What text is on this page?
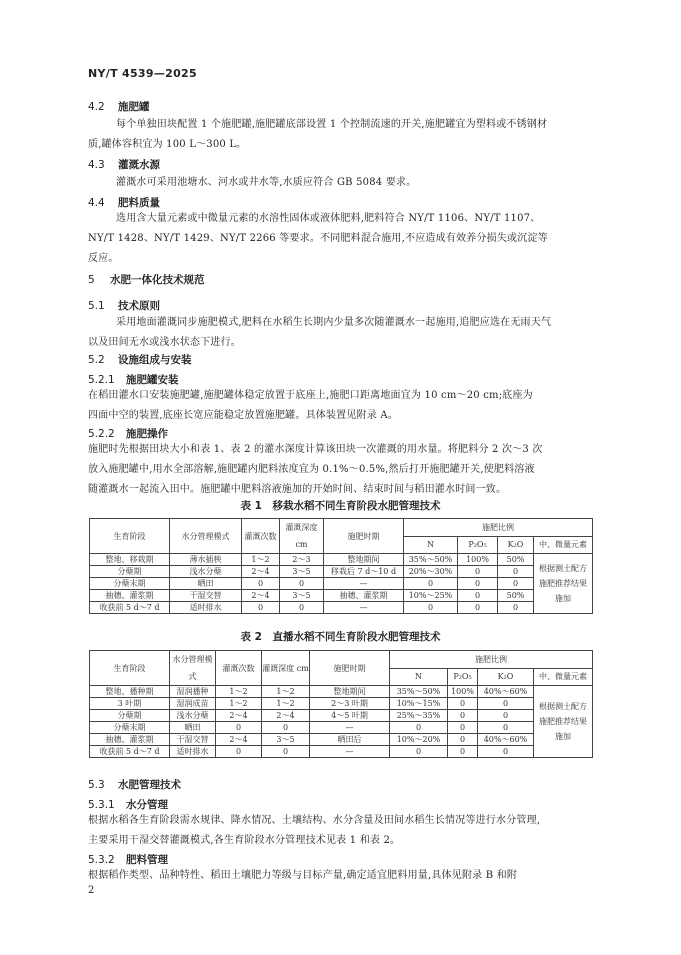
NY/T 4539—2025
4.2 施肥罐
每个单独田块配置 1 个施肥罐,施肥罐底部设置 1 个控制流速的开关,施肥罐宜为塑料或不锈钢材
质,罐体容积宜为 100 L～300 L。
4.3 灌溉水源
灌溉水可采用池塘水、河水或井水等,水质应符合 GB 5084 要求。
4.4 肥料质量
选用含大量元素或中微量元素的水溶性固体或液体肥料,肥料符合 NY/T 1106、NY/T 1107、
NY/T 1428、NY/T 1429、NY/T 2266 等要求。不同肥料混合施用,不应造成有效养分损失或沉淀等
反应。
5 水肥一体化技术规范
5.1 技术原则
采用地面灌溉同步施肥模式,肥料在水稻生长期内少量多次随灌溉水一起施用,追肥应选在无雨天气
以及田间无水或浅水状态下进行。
5.2 设施组成与安装
5.2.1 施肥罐安装
在稻田灌水口安装施肥罐,施肥罐体稳定放置于底座上,施肥口距离地面宜为 10 cm～20 cm;底座为
四面中空的装置,底座长宽应能稳定放置施肥罐。具体装置见附录 A。
5.2.2 施肥操作
施肥时先根据田块大小和表 1、表 2 的灌水深度计算该田块一次灌溉的用水量。将肥料分 2 次～3 次
放入施肥罐中,用水全部溶解,施肥罐内肥料浓度宜为 0.1%～0.5%,然后打开施肥罐开关,使肥料溶液
随灌溉水一起流入田中。施肥罐中肥料溶液施加的开始时间、结束时间与稻田灌水时间一致。
表 1　移栽水稻不同生育阶段水肥管理技术
生育阶段	水分管理模式	灌溉次数	灌溉深度 cm	施肥时期	施肥比例			
					N	P₂O₅	K₂O	中、微量元素
整地、移栽期	薄水插秧	1～2	2～3	整地期间	35%～50%	100%	50%	根据测土配方施肥推荐结果施加
分蘖期	浅水分蘖	2～4	3～5	移栽后 7 d～10 d	20%～30%	0	0	
分蘖末期	晒田	0	0	—	0	0	0	
抽穗、灌浆期	干湿交替	2～4	3～5	抽穗、灌浆期	10%～25%	0	50%	
收获前 5 d～7 d	适时排水	0	0	—	0	0	0	
表 2　直播水稻不同生育阶段水肥管理技术
生育阶段	水分管理模式	灌溉次数	灌溉深度 cm	施肥时期	施肥比例			
					N	P₂O₅	K₂O	中、微量元素
整地、播种期	湿润播种	1～2	1～2	整地期间	35%～50%	100%	40%～60%	根据测土配方施肥推荐结果施加
3 叶期	湿润成苗	1～2	1～2	2～3 叶期	10%～15%	0	0	
分蘖期	浅水分蘖	2～4	2～4	4～5 叶期	25%～35%	0	0	
分蘖末期	晒田	0	0	—	0	0	0	
抽穗、灌浆期	干湿交替	2～4	3～5	晒田后	10%～20%	0	40%～60%	
收获前 5 d～7 d	适时排水	0	0	—	0	0	0	
5.3 水肥管理技术
5.3.1 水分管理
根据水稻各生育阶段需水规律、降水情况、土壤结构、水分含量及田间水稻生长情况等进行水分管理,
主要采用干湿交替灌溉模式,各生育阶段水分管理技术见表 1 和表 2。
5.3.2 肥料管理
根据稻作类型、品种特性、稻田土壤肥力等级与目标产量,确定适宜肥料用量,具体见附录 B 和附
2
